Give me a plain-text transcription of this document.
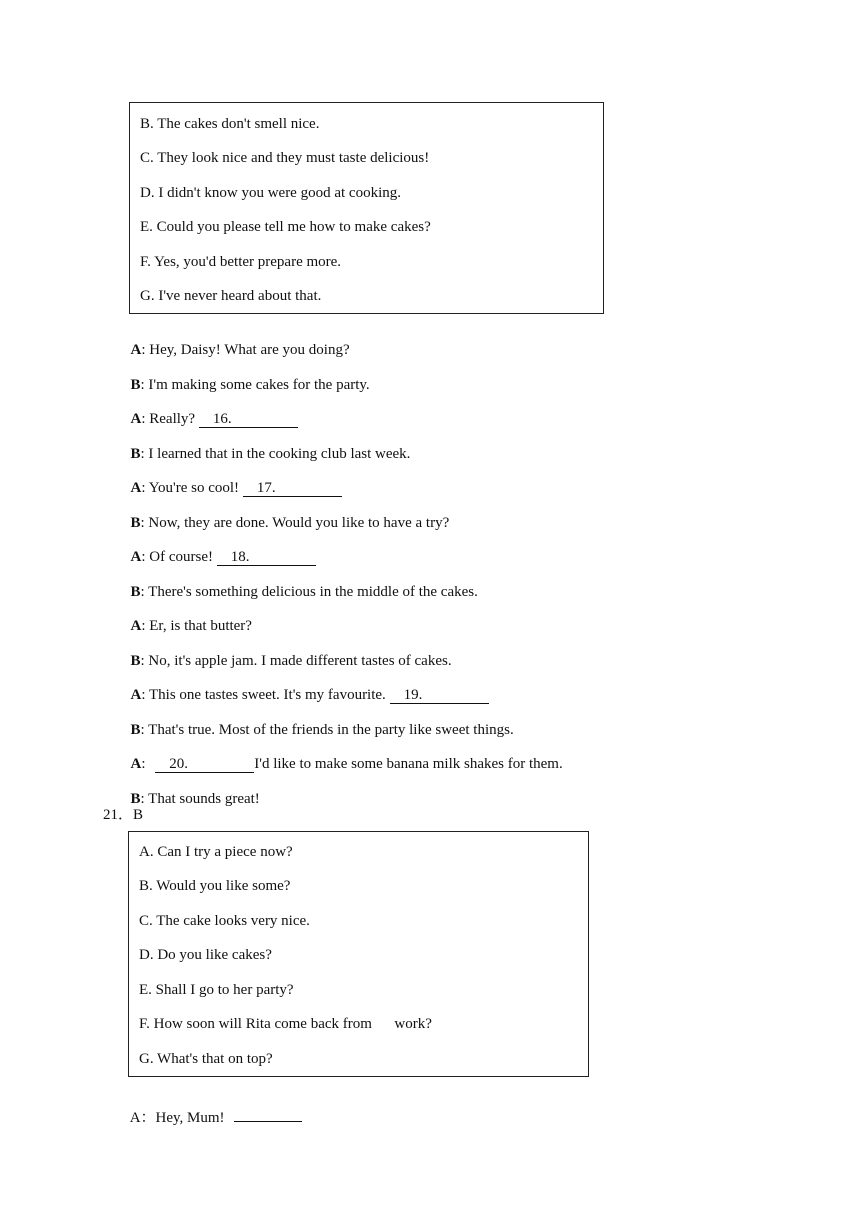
B. The cakes don't smell nice.
C. They look nice and they must taste delicious!
D. I didn't know you were good at cooking.
E. Could you please tell me how to make cakes?
F. Yes, you'd better prepare more.
G. I've never heard about that.

A: Hey, Daisy! What are you doing?

B: I'm making some cakes for the party.

A: Really? 16.

B: I learned that in the cooking club last week.

A: You're so cool! 17.

B: Now, they are done. Would you like to have a try?

A: Of course! 18.

B: There's something delicious in the middle of the cakes.

A: Er, is that butter?

B: No, it's apple jam. I made different tastes of cakes.

A: This one tastes sweet. It's my favourite. 19.

B: That's true. Most of the friends in the party like sweet things.

A: 20.	I'd like to make some banana milk shakes for them.

B: That sounds great!

21．B
A. Can I try a piece now?
B. Would you like some?
C. The cake looks very nice.
D. Do you like cakes?
E. Shall I go to her party?
F. How soon will Rita come back from      work?
G. What's that on top?

A：Hey, Mum!
